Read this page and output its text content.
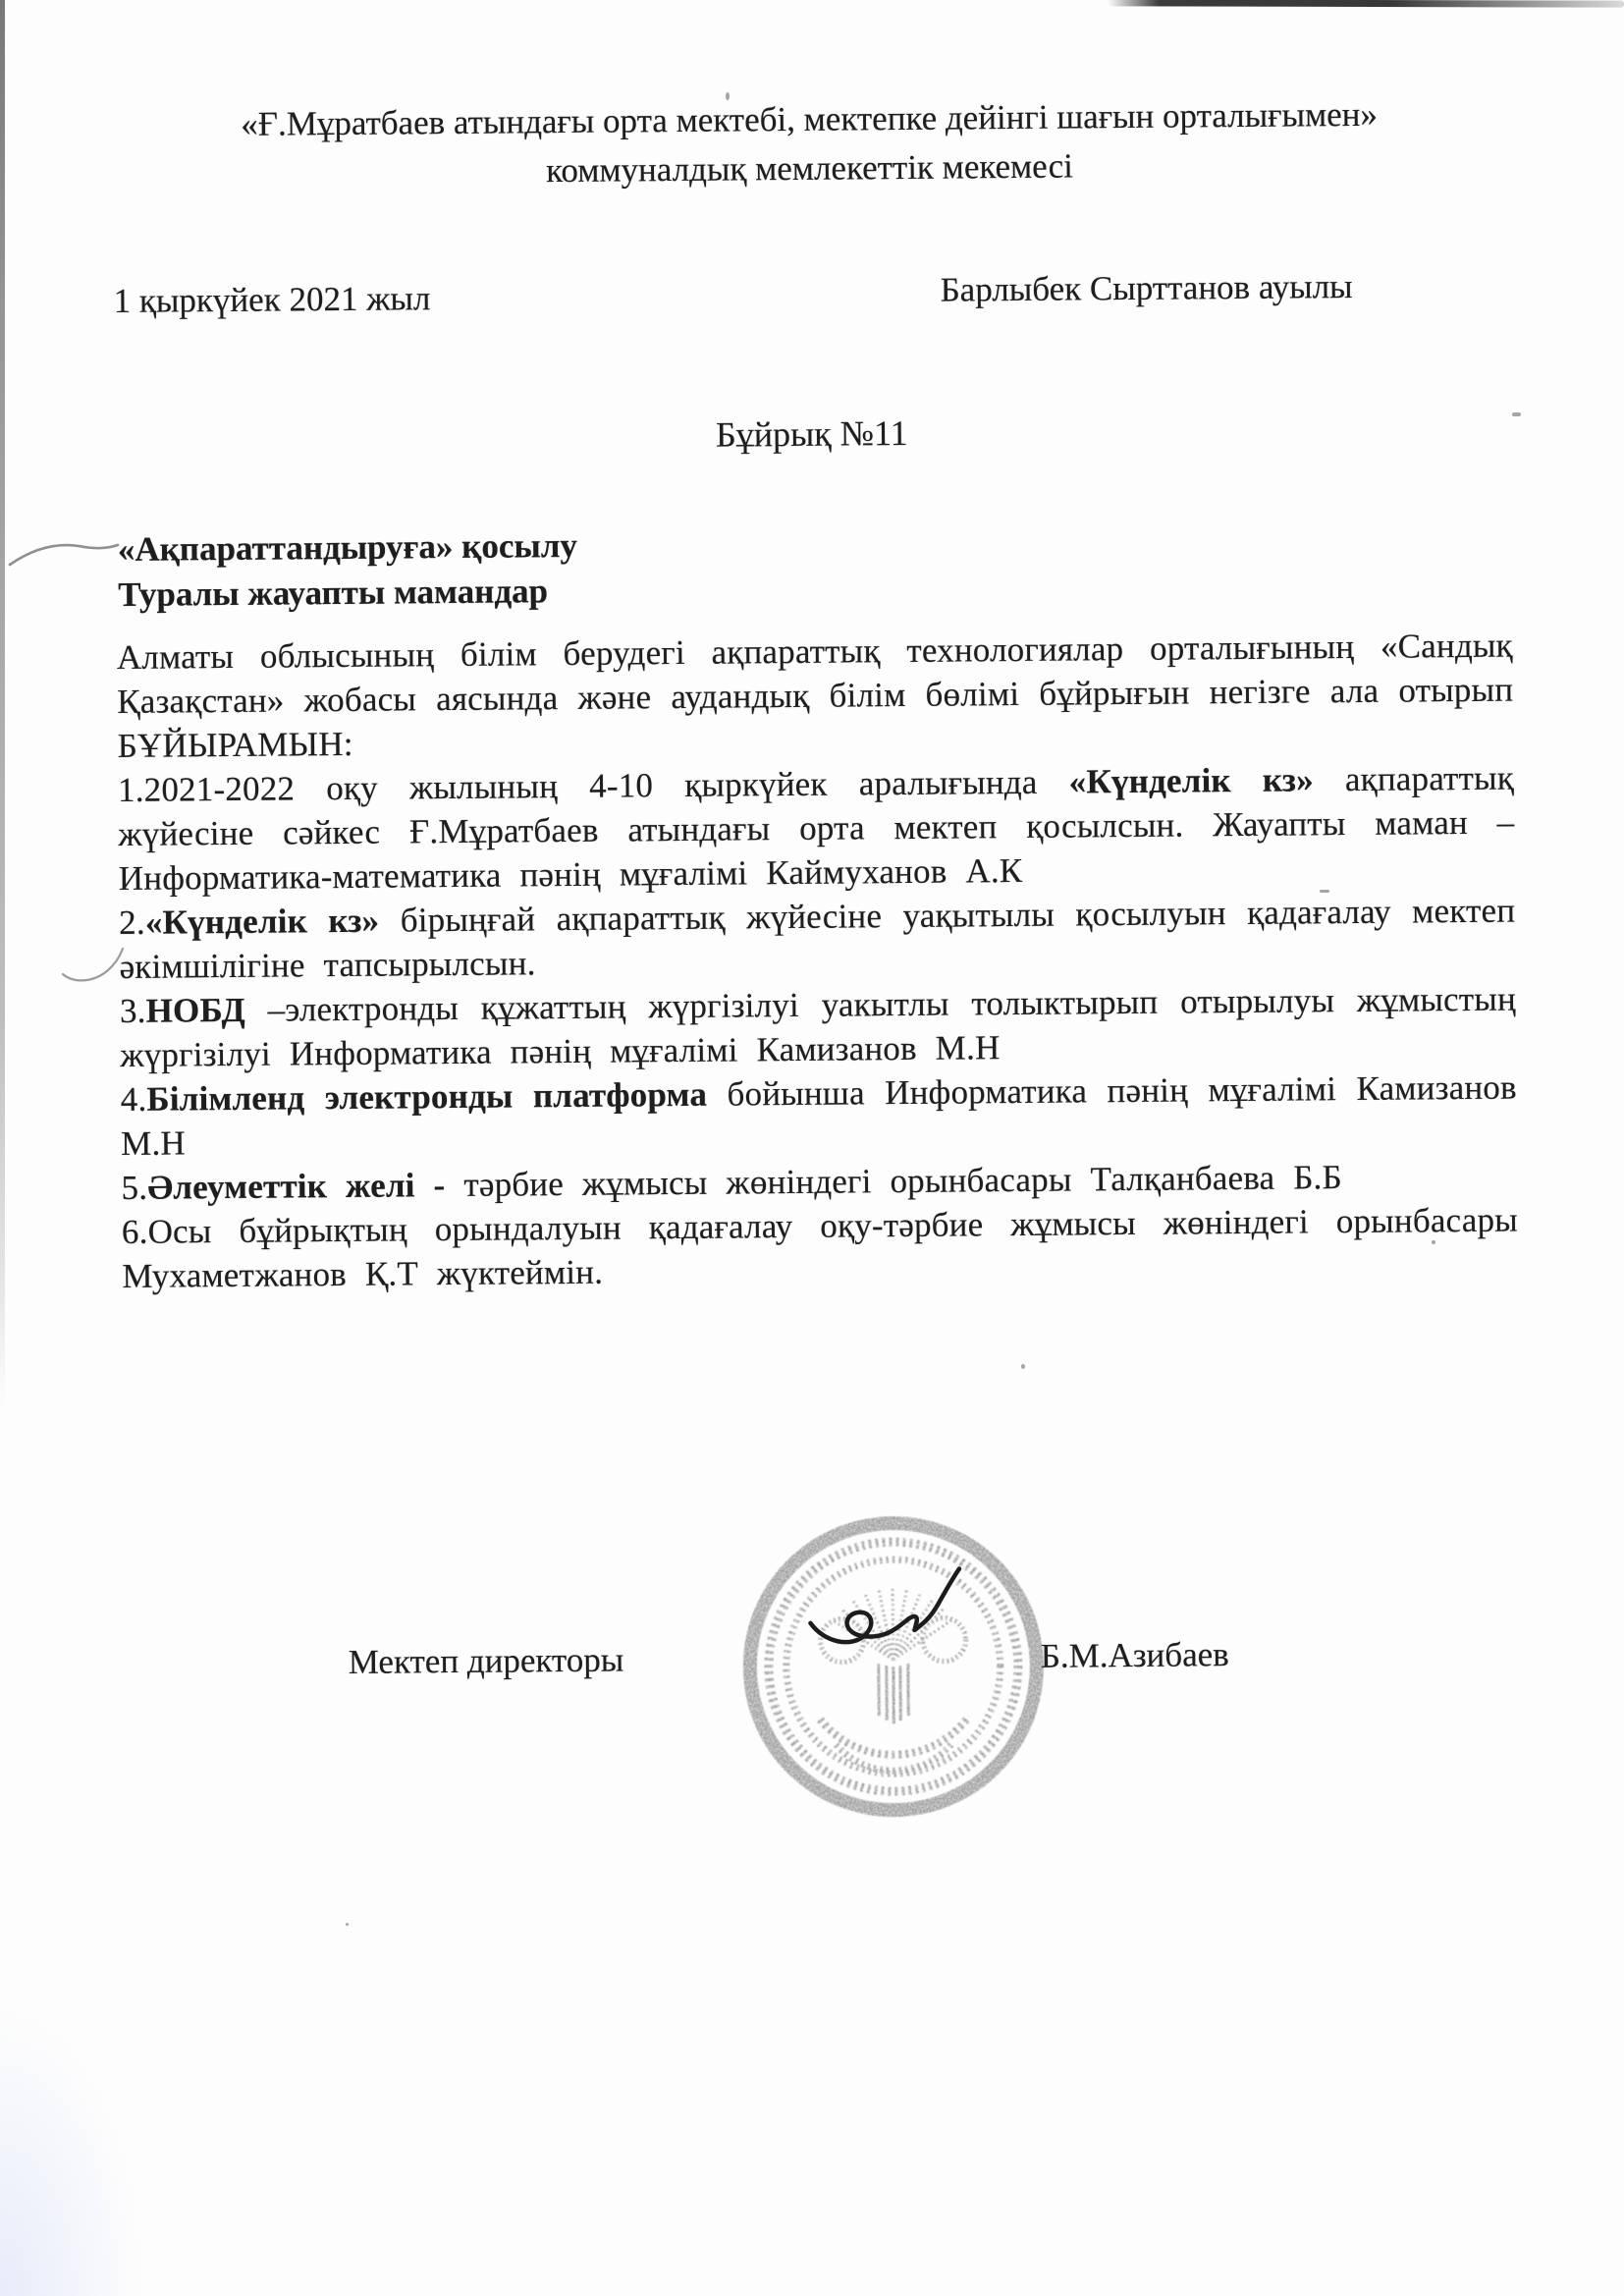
«Ғ.Мұратбаев атындағы орта мектебі, мектепке дейінгі шағын орталығымен»
коммуналдық мемлекеттік мекемесі
1 қыркүйек 2021 жыл	Барлыбек Сырттанов ауылы
Бұйрық №11
«Ақпараттандыруға» қосылу
Туралы жауапты мамандар

Алматы облысының білім берудегі ақпараттық технологиялар орталығының «Сандық Қазақстан» жобасы аясында және аудандық білім бөлімі бұйрығын негізге ала отырып БҰЙЫРАМЫН:

1.2021-2022 оқу жылының 4-10 қыркүйек аралығында «Күнделік кз» ақпараттық жүйесіне сәйкес Ғ.Мұратбаев атындағы орта мектеп қосылсын. Жауапты маман –Информатика-математика пәнің мұғалімі Каймуханов А.К

2.«Күнделік кз» бірыңғай ақпараттық жүйесіне уақытылы қосылуын қадағалау мектеп әкімшілігіне тапсырылсын.

3.НОБД –электронды құжаттың жүргізілуі уакытлы толыктырып отырылуы жұмыстың жүргізілуі Информатика пәнің мұғалімі Камизанов М.Н

4.Білімленд электронды платформа бойынша Информатика пәнің мұғалімі Камизанов М.Н

5.Әлеуметтік желі - тәрбие жұмысы жөніндегі орынбасары Талқанбаева Б.Б

6.Осы бұйрықтың орындалуын қадағалау оқу-тәрбие жұмысы жөніндегі орынбасары Мухаметжанов Қ.Т жүктеймін.

Мектеп директоры	Б.М.Азибаев
